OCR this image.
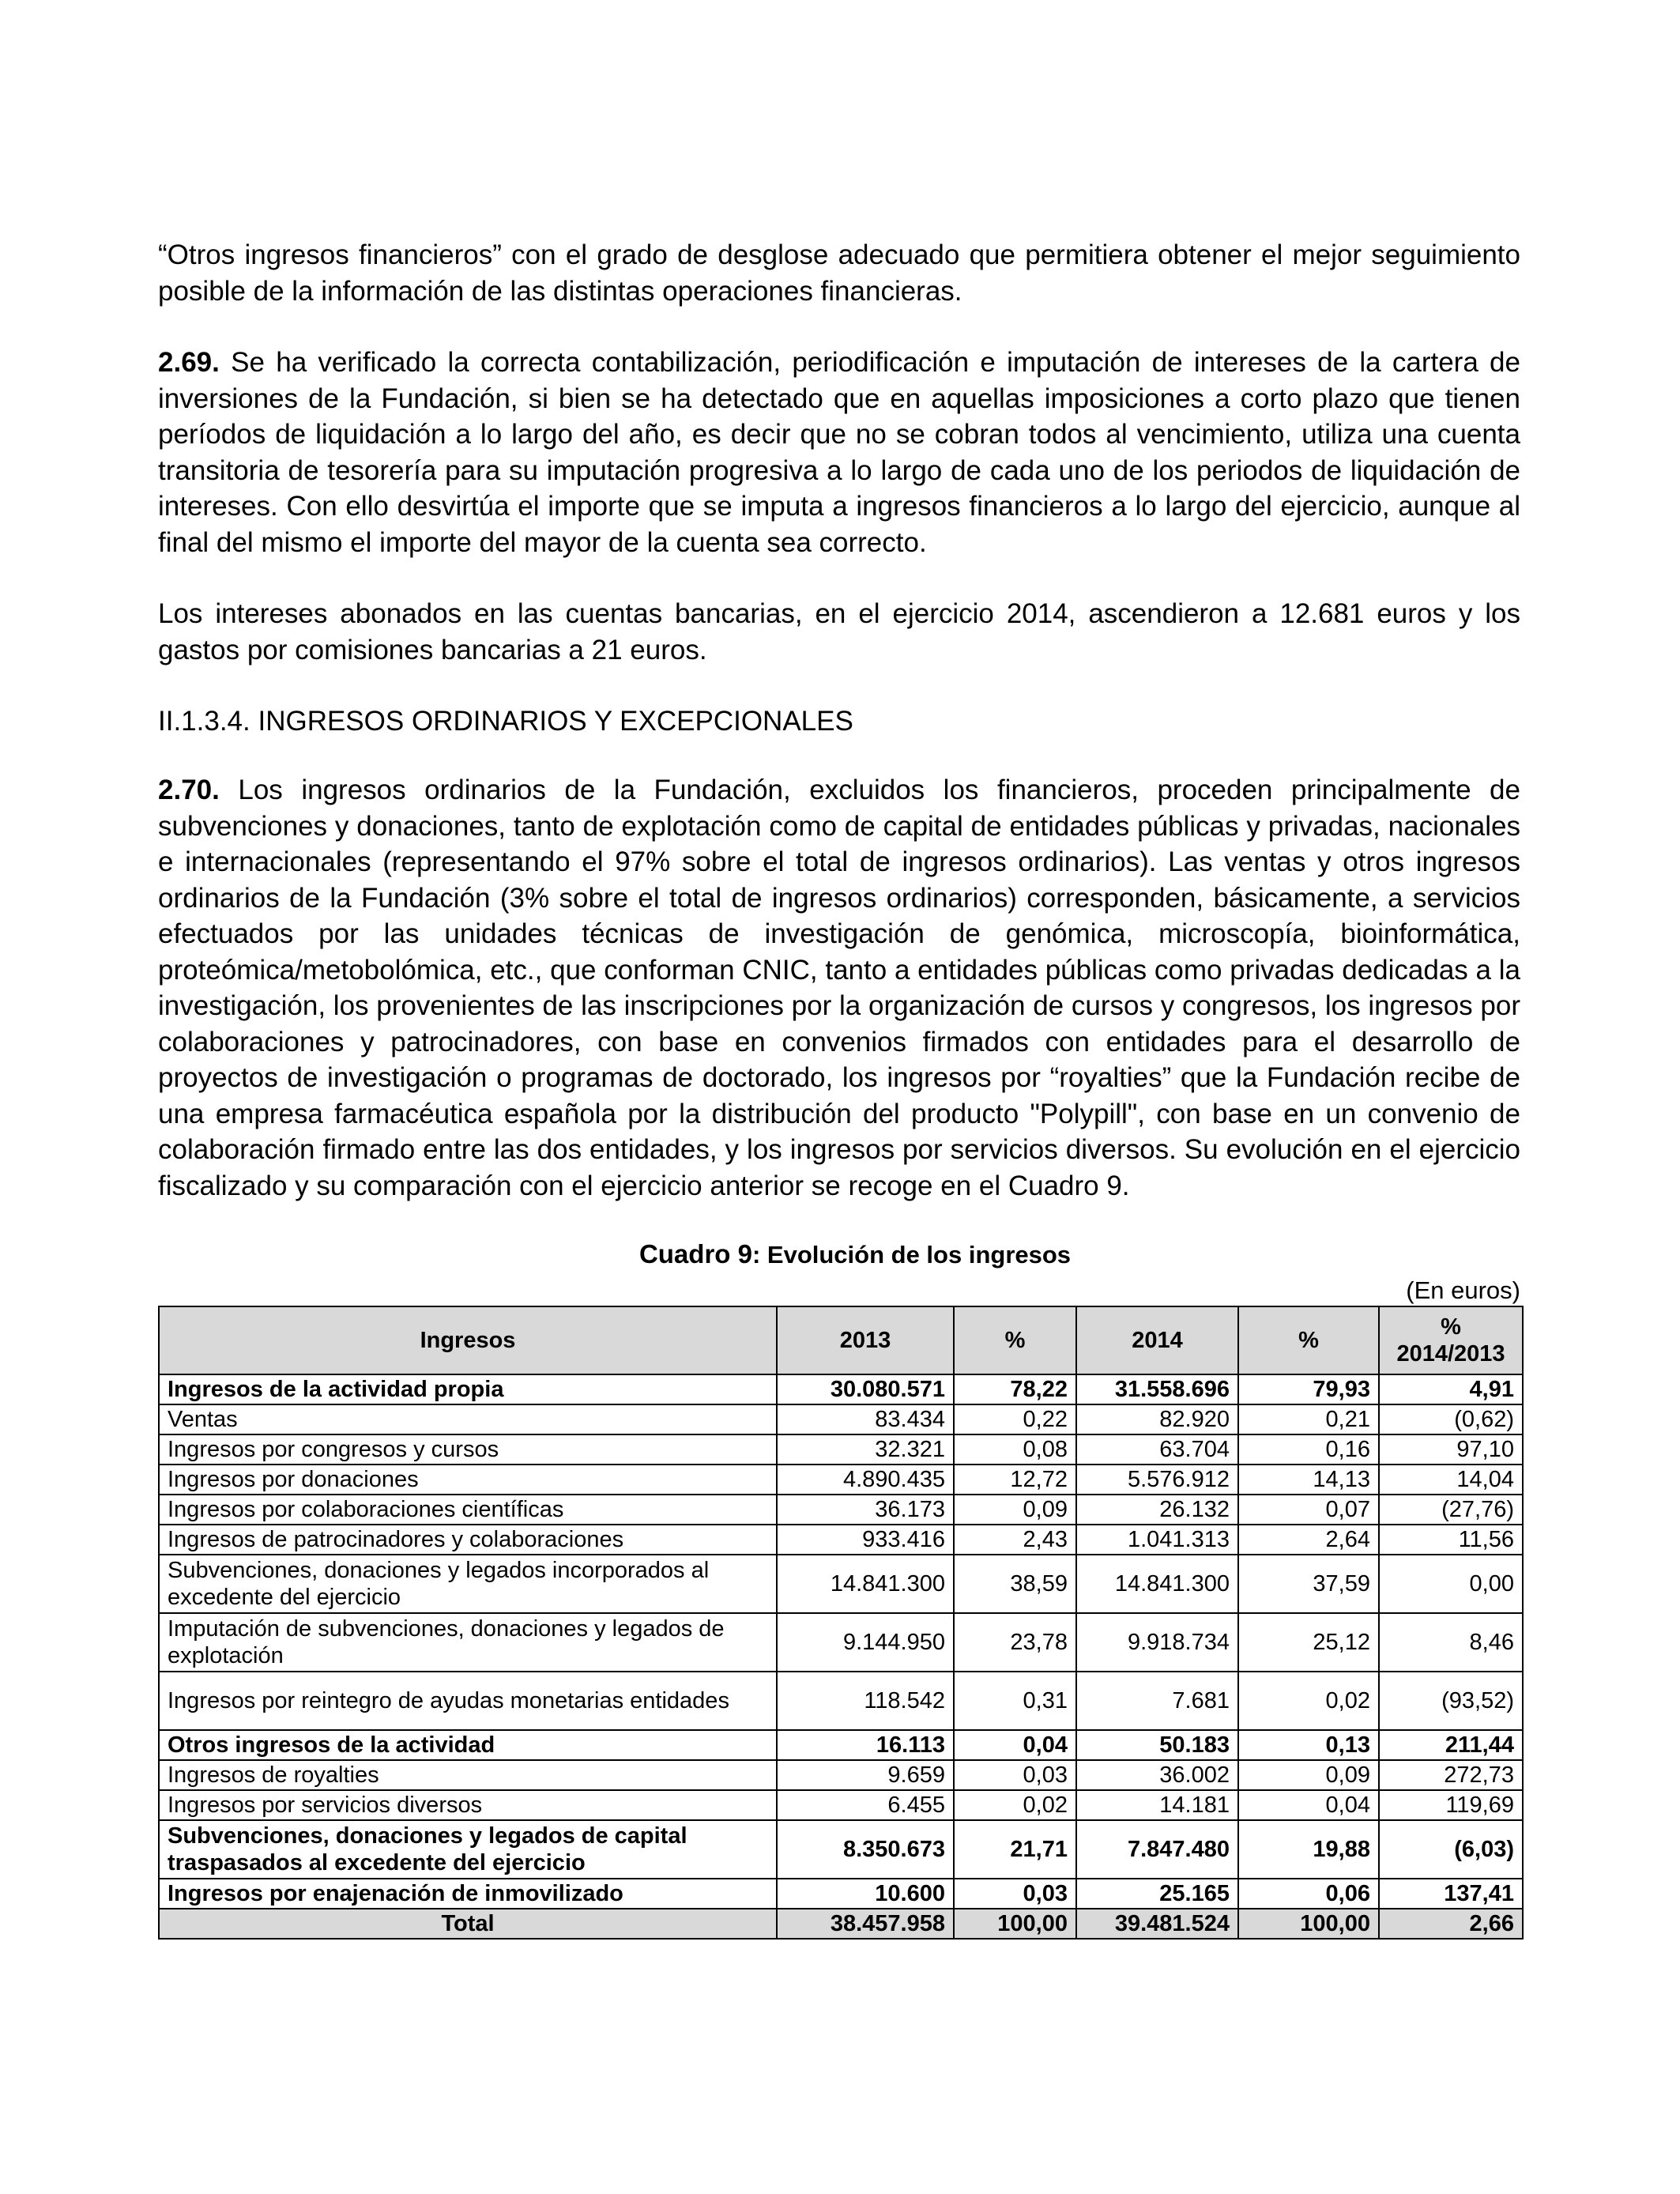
“Otros ingresos financieros” con el grado de desglose adecuado que permitiera obtener el mejor seguimiento posible de la información de las distintas operaciones financieras.

2.69. Se ha verificado la correcta contabilización, periodificación e imputación de intereses de la cartera de inversiones de la Fundación, si bien se ha detectado que en aquellas imposiciones a corto plazo que tienen períodos de liquidación a lo largo del año, es decir que no se cobran todos al vencimiento, utiliza una cuenta transitoria de tesorería para su imputación progresiva a lo largo de cada uno de los periodos de liquidación de intereses. Con ello desvirtúa el importe que se imputa a ingresos financieros a lo largo del ejercicio, aunque al final del mismo el importe del mayor de la cuenta sea correcto.

Los intereses abonados en las cuentas bancarias, en el ejercicio 2014, ascendieron a 12.681 euros y los gastos por comisiones bancarias a 21 euros.

II.1.3.4. INGRESOS ORDINARIOS Y EXCEPCIONALES

2.70. Los ingresos ordinarios de la Fundación, excluidos los financieros, proceden principalmente de subvenciones y donaciones, tanto de explotación como de capital de entidades públicas y privadas, nacionales e internacionales (representando el 97% sobre el total de ingresos ordinarios). Las ventas y otros ingresos ordinarios de la Fundación (3% sobre el total de ingresos ordinarios) corresponden, básicamente, a servicios efectuados por las unidades técnicas de investigación de genómica, microscopía, bioinformática, proteómica/metobolómica, etc., que conforman CNIC, tanto a entidades públicas como privadas dedicadas a la investigación, los provenientes de las inscripciones por la organización de cursos y congresos, los ingresos por colaboraciones y patrocinadores, con base en convenios firmados con entidades para el desarrollo de proyectos de investigación o programas de doctorado, los ingresos por “royalties” que la Fundación recibe de una empresa farmacéutica española por la distribución del producto "Polypill", con base en un convenio de colaboración firmado entre las dos entidades, y los ingresos por servicios diversos. Su evolución en el ejercicio fiscalizado y su comparación con el ejercicio anterior se recoge en el Cuadro 9.

Cuadro 9: Evolución de los ingresos

(En euros)

Ingresos	2013	%	2014	%	%
2014/2013
Ingresos de la actividad propia	30.080.571	78,22	31.558.696	79,93	4,91
Ventas	83.434	0,22	82.920	0,21	(0,62)
Ingresos por congresos y cursos	32.321	0,08	63.704	0,16	97,10
Ingresos por donaciones	4.890.435	12,72	5.576.912	14,13	14,04
Ingresos por colaboraciones científicas	36.173	0,09	26.132	0,07	(27,76)
Ingresos de patrocinadores y colaboraciones	933.416	2,43	1.041.313	2,64	11,56
Subvenciones, donaciones y legados incorporados al excedente del ejercicio	14.841.300	38,59	14.841.300	37,59	0,00
Imputación de subvenciones, donaciones y legados de explotación	9.144.950	23,78	9.918.734	25,12	8,46
Ingresos por reintegro de ayudas monetarias entidades	118.542	0,31	7.681	0,02	(93,52)
Otros ingresos de la actividad	16.113	0,04	50.183	0,13	211,44
Ingresos de royalties	9.659	0,03	36.002	0,09	272,73
Ingresos por servicios diversos	6.455	0,02	14.181	0,04	119,69
Subvenciones, donaciones y legados de capital traspasados al excedente del ejercicio	8.350.673	21,71	7.847.480	19,88	(6,03)
Ingresos por enajenación de inmovilizado	10.600	0,03	25.165	0,06	137,41
Total	38.457.958	100,00	39.481.524	100,00	2,66
